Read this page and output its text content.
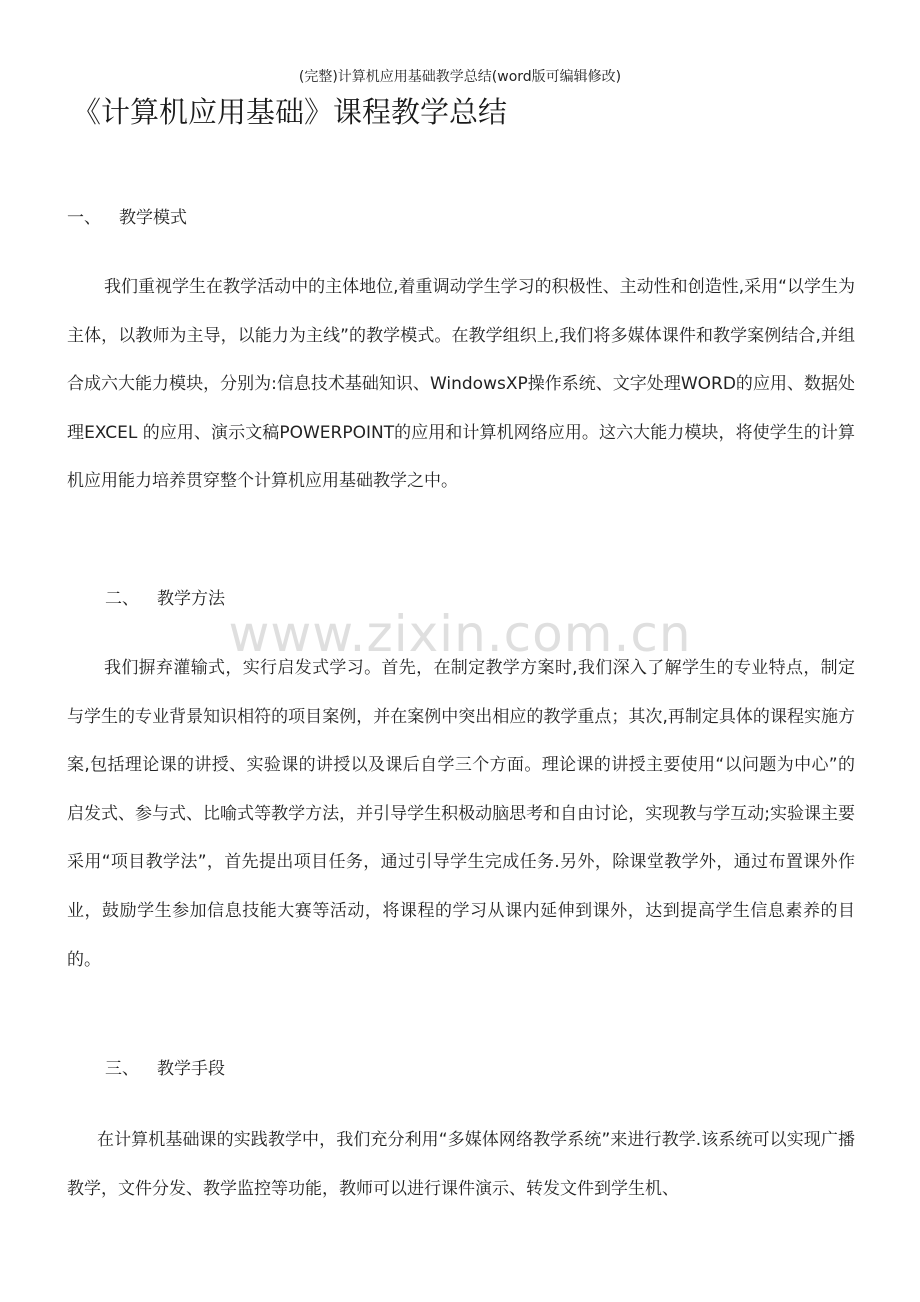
(完整)计算机应用基础教学总结(word版可编辑修改)
《计算机应用基础》课程教学总结
一、 教学模式

我们重视学生在教学活动中的主体地位,着重调动学生学习的积极性、主动性和创造性,采用“以学生为主体，以教师为主导，以能力为主线”的教学模式。在教学组织上,我们将多媒体课件和教学案例结合,并组合成六大能力模块，分别为:信息技术基础知识、WindowsXP操作系统、文字处理WORD的应用、数据处理EXCEL 的应用、演示文稿POWERPOINT的应用和计算机网络应用。这六大能力模块，将使学生的计算机应用能力培养贯穿整个计算机应用基础教学之中。

二、 教学方法

我们摒弃灌输式，实行启发式学习。首先，在制定教学方案时,我们深入了解学生的专业特点，制定与学生的专业背景知识相符的项目案例，并在案例中突出相应的教学重点；其次,再制定具体的课程实施方案,包括理论课的讲授、实验课的讲授以及课后自学三个方面。理论课的讲授主要使用“以问题为中心”的启发式、参与式、比喻式等教学方法，并引导学生积极动脑思考和自由讨论，实现教与学互动;实验课主要采用“项目教学法”，首先提出项目任务，通过引导学生完成任务.另外，除课堂教学外，通过布置课外作业，鼓励学生参加信息技能大赛等活动，将课程的学习从课内延伸到课外，达到提高学生信息素养的目的。

三、 教学手段

在计算机基础课的实践教学中，我们充分利用“多媒体网络教学系统”来进行教学.该系统可以实现广播教学，文件分发、教学监控等功能，教师可以进行课件演示、转发文件到学生机、

www.zixin.com.cn
